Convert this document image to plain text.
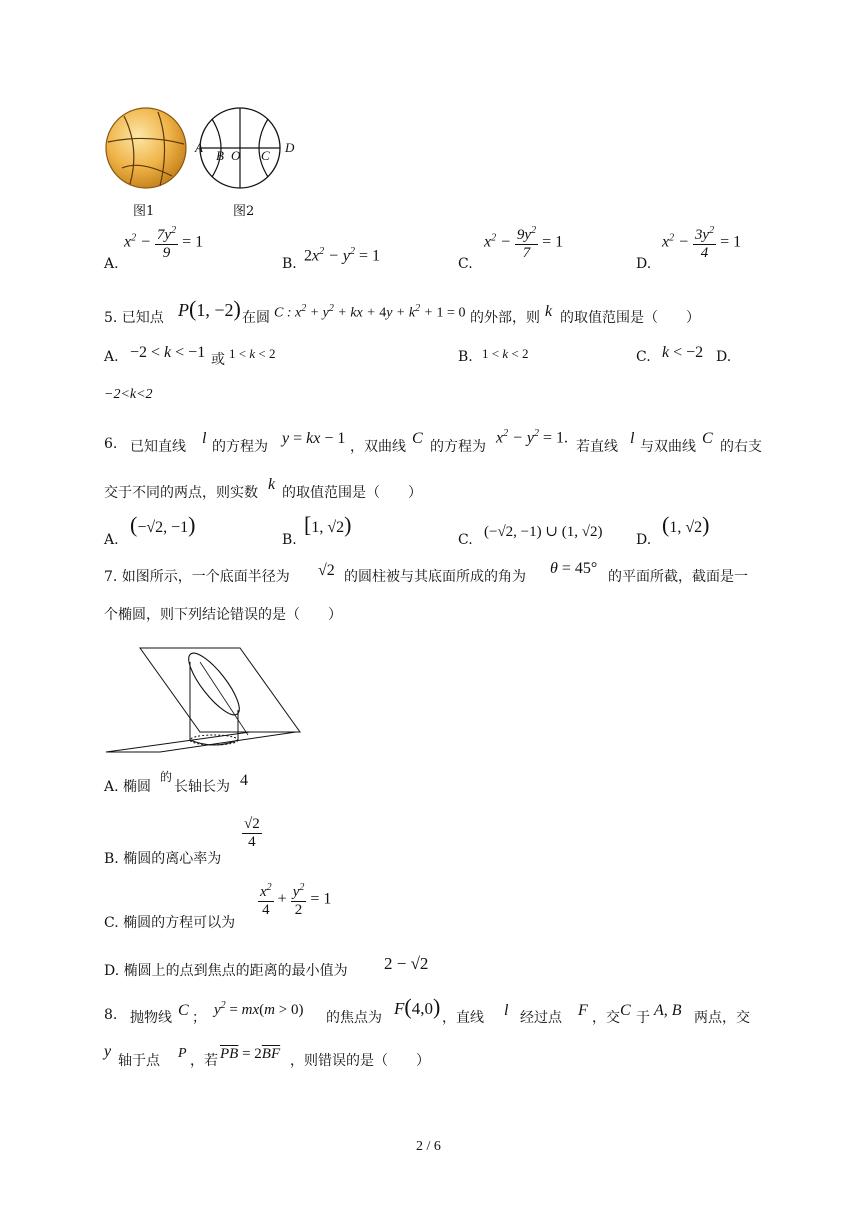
A
B O C
D
图1	图2
A.
$x^2 - \frac{7y^2}{9} = 1$
B. $2x^2 - y^2 = 1$	C.
$x^2 - \frac{9y^2}{7} = 1$
D.
$x^2 - \frac{3y^2}{4} = 1$
5. 已知点 P(1, −2) 在圆 C : $x^2 + y^2$ + kx + $4y + k^2 + 1 = 0$ 的外部，则 k 的取值范围是（　　）
A. −2 < k < −1 或 1 < k < 2	B. 1 < k < 2	C. k < −2 D.
−2<k<2
6. 已知直线 l 的方程为 y = kx − 1 ，双曲线 C 的方程为
$x^2 - y^2 = 1$.
若直线 l 与双曲线 C 的右支
交于不同的两点，则实数 k 的取值范围是（　　）
A.
(−√2, −1)
B.
[1, √2)
C. (−√2, −1) ∪ (1, √2) D.
(1, √2)
7. 如图所示，一个底面半径为 √2 的圆柱被与其底面所成的角为 θ = 45° 的平面所截，截面是一
个椭圆，则下列结论错误的是（　　）
A. 椭圆
的
长轴长为 4
B. 椭圆的离心率为
$\frac{√2}{4}$
C. 椭圆的方程可以为
$\frac{x^2}{4} + \frac{y^2}{2} = 1$
D. 椭圆上的点到焦点的距离的最小值为 2 − √2
8. 抛物线 C ； $y^2 = mx(m > 0)$ 的焦点为 F(4,0) ，直线 l 经过点 F ，交 C 于 A, B 两点，交
y
轴于点 P ，若 $\overline{PB} = 2\overline{BF}$ ，则错误的是（　　）
2 / 6
